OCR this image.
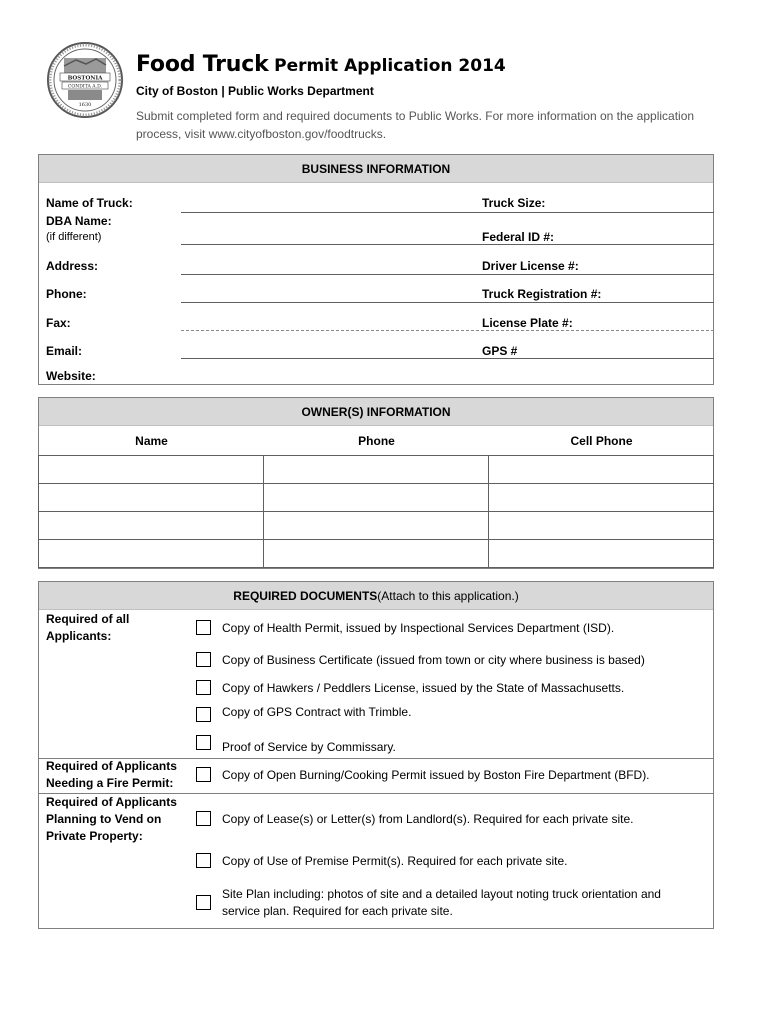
BOSTONIA
CONDITA A.D.
1630
Food Truck Permit Application 2014
City of Boston | Public Works Department
Submit completed form and required documents to Public Works. For more information on the application process, visit www.cityofboston.gov/foodtrucks.
BUSINESS INFORMATION
Name of Truck:
DBA Name:
(if different)
Address:
Phone:
Fax:
Email:
Website:
Truck Size:
Federal ID #:
Driver License #:
Truck Registration #:
License Plate #:
GPS #
OWNER(S) INFORMATION
Name	Phone	Cell Phone
REQUIRED DOCUMENTS (Attach to this application.)
Required of all Applicants:
Required of Applicants Needing a Fire Permit:
Required of Applicants Planning to Vend on Private Property:
Copy of Health Permit, issued by Inspectional Services Department (ISD).
Copy of Business Certificate (issued from town or city where business is based)
Copy of Hawkers / Peddlers License, issued by the State of Massachusetts.
Copy of GPS Contract with Trimble.
Proof of Service by Commissary.
Copy of Open Burning/Cooking Permit issued by Boston Fire Department (BFD).
Copy of Lease(s) or Letter(s) from Landlord(s). Required for each private site.
Copy of Use of Premise Permit(s). Required for each private site.
Site Plan including: photos of site and a detailed layout noting truck orientation and service plan. Required for each private site.
